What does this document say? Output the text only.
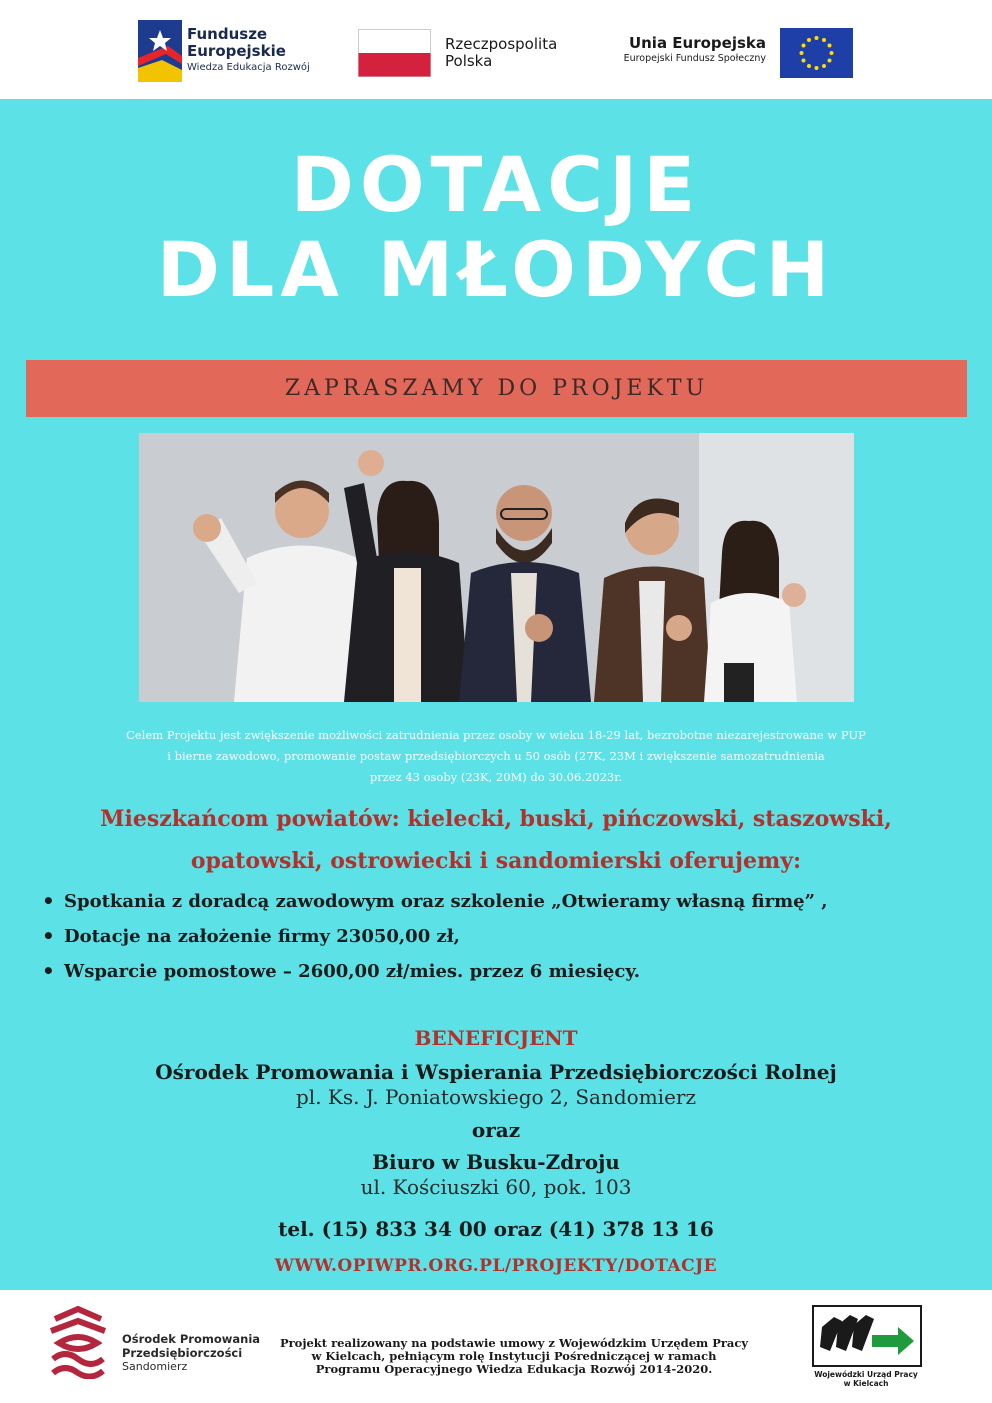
Fundusze
Europejskie
Wiedza Edukacja Rozwój
Rzeczpospolita
Polska
Unia Europejska
Europejski Fundusz Społeczny
DOTACJE
DLA MŁODYCH
ZAPRASZAMY DO PROJEKTU
Celem Projektu jest zwiększenie możliwości zatrudnienia przez osoby w wieku 18-29 lat, bezrobotne niezarejestrowane w PUP
i bierne zawodowo, promowanie postaw przedsiębiorczych u 50 osób (27K, 23M i zwiększenie samozatrudnienia
przez 43 osoby (23K, 20M) do 30.06.2023r.
Mieszkańcom powiatów: kielecki, buski, pińczowski, staszowski,
opatowski, ostrowiecki i sandomierski oferujemy:
• Spotkania z doradcą zawodowym oraz szkolenie „Otwieramy własną firmę” ,
• Dotacje na założenie firmy 23050,00 zł,
• Wsparcie pomostowe – 2600,00 zł/mies. przez 6 miesięcy.
BENEFICJENT
Ośrodek Promowania i Wspierania Przedsiębiorczości Rolnej
pl. Ks. J. Poniatowskiego 2, Sandomierz
oraz
Biuro w Busku-Zdroju
ul. Kościuszki 60, pok. 103
tel. (15) 833 34 00 oraz (41) 378 13 16
WWW.OPIWPR.ORG.PL/PROJEKTY/DOTACJE
Ośrodek Promowania
Przedsiębiorczości
Sandomierz
Projekt realizowany na podstawie umowy z Wojewódzkim Urzędem Pracy
w Kielcach, pełniącym rolę Instytucji Pośredniczącej w ramach
Programu Operacyjnego Wiedza Edukacja Rozwój 2014-2020.	Wojewódzki Urząd Pracy
w Kielcach
